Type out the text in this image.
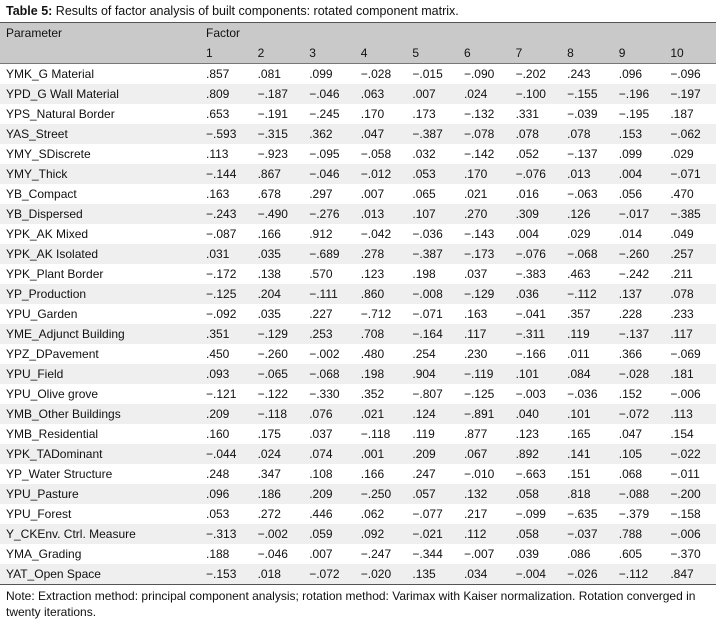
Table 5: Results of factor analysis of built components: rotated component matrix.
Parameter	Factor									
	1	2	3	4	5	6	7	8	9	10
YMK_G Material	.857	.081	.099	−.028	−.015	−.090	−.202	.243	.096	−.096
YPD_G Wall Material	.809	−.187	−.046	.063	.007	.024	−.100	−.155	−.196	−.197
YPS_Natural Border	.653	−.191	−.245	.170	.173	−.132	.331	−.039	−.195	.187
YAS_Street	−.593	−.315	.362	.047	−.387	−.078	.078	.078	.153	−.062
YMY_SDiscrete	.113	−.923	−.095	−.058	.032	−.142	.052	−.137	.099	.029
YMY_Thick	−.144	.867	−.046	−.012	.053	.170	−.076	.013	.004	−.071
YB_Compact	.163	.678	.297	.007	.065	.021	.016	−.063	.056	.470
YB_Dispersed	−.243	−.490	−.276	.013	.107	.270	.309	.126	−.017	−.385
YPK_AK Mixed	−.087	.166	.912	−.042	−.036	−.143	.004	.029	.014	.049
YPK_AK Isolated	.031	.035	−.689	.278	−.387	−.173	−.076	−.068	−.260	.257
YPK_Plant Border	−.172	.138	.570	.123	.198	.037	−.383	.463	−.242	.211
YP_Production	−.125	.204	−.111	.860	−.008	−.129	.036	−.112	.137	.078
YPU_Garden	−.092	.035	.227	−.712	−.071	.163	−.041	.357	.228	.233
YME_Adjunct Building	.351	−.129	.253	.708	−.164	.117	−.311	.119	−.137	.117
YPZ_DPavement	.450	−.260	−.002	.480	.254	.230	−.166	.011	.366	−.069
YPU_Field	.093	−.065	−.068	.198	.904	−.119	.101	.084	−.028	.181
YPU_Olive grove	−.121	−.122	−.330	.352	−.807	−.125	−.003	−.036	.152	−.006
YMB_Other Buildings	.209	−.118	.076	.021	.124	−.891	.040	.101	−.072	.113
YMB_Residential	.160	.175	.037	−.118	.119	.877	.123	.165	.047	.154
YPK_TADominant	−.044	.024	.074	.001	.209	.067	.892	.141	.105	−.022
YP_Water Structure	.248	.347	.108	.166	.247	−.010	−.663	.151	.068	−.011
YPU_Pasture	.096	.186	.209	−.250	.057	.132	.058	.818	−.088	−.200
YPU_Forest	.053	.272	.446	.062	−.077	.217	−.099	−.635	−.379	−.158
Y_CKEnv. Ctrl. Measure	−.313	−.002	.059	.092	−.021	.112	.058	−.037	.788	−.006
YMA_Grading	.188	−.046	.007	−.247	−.344	−.007	.039	.086	.605	−.370
YAT_Open Space	−.153	.018	−.072	−.020	.135	.034	−.004	−.026	−.112	.847
Note: Extraction method: principal component analysis; rotation method: Varimax with Kaiser normalization. Rotation converged in twenty iterations.
